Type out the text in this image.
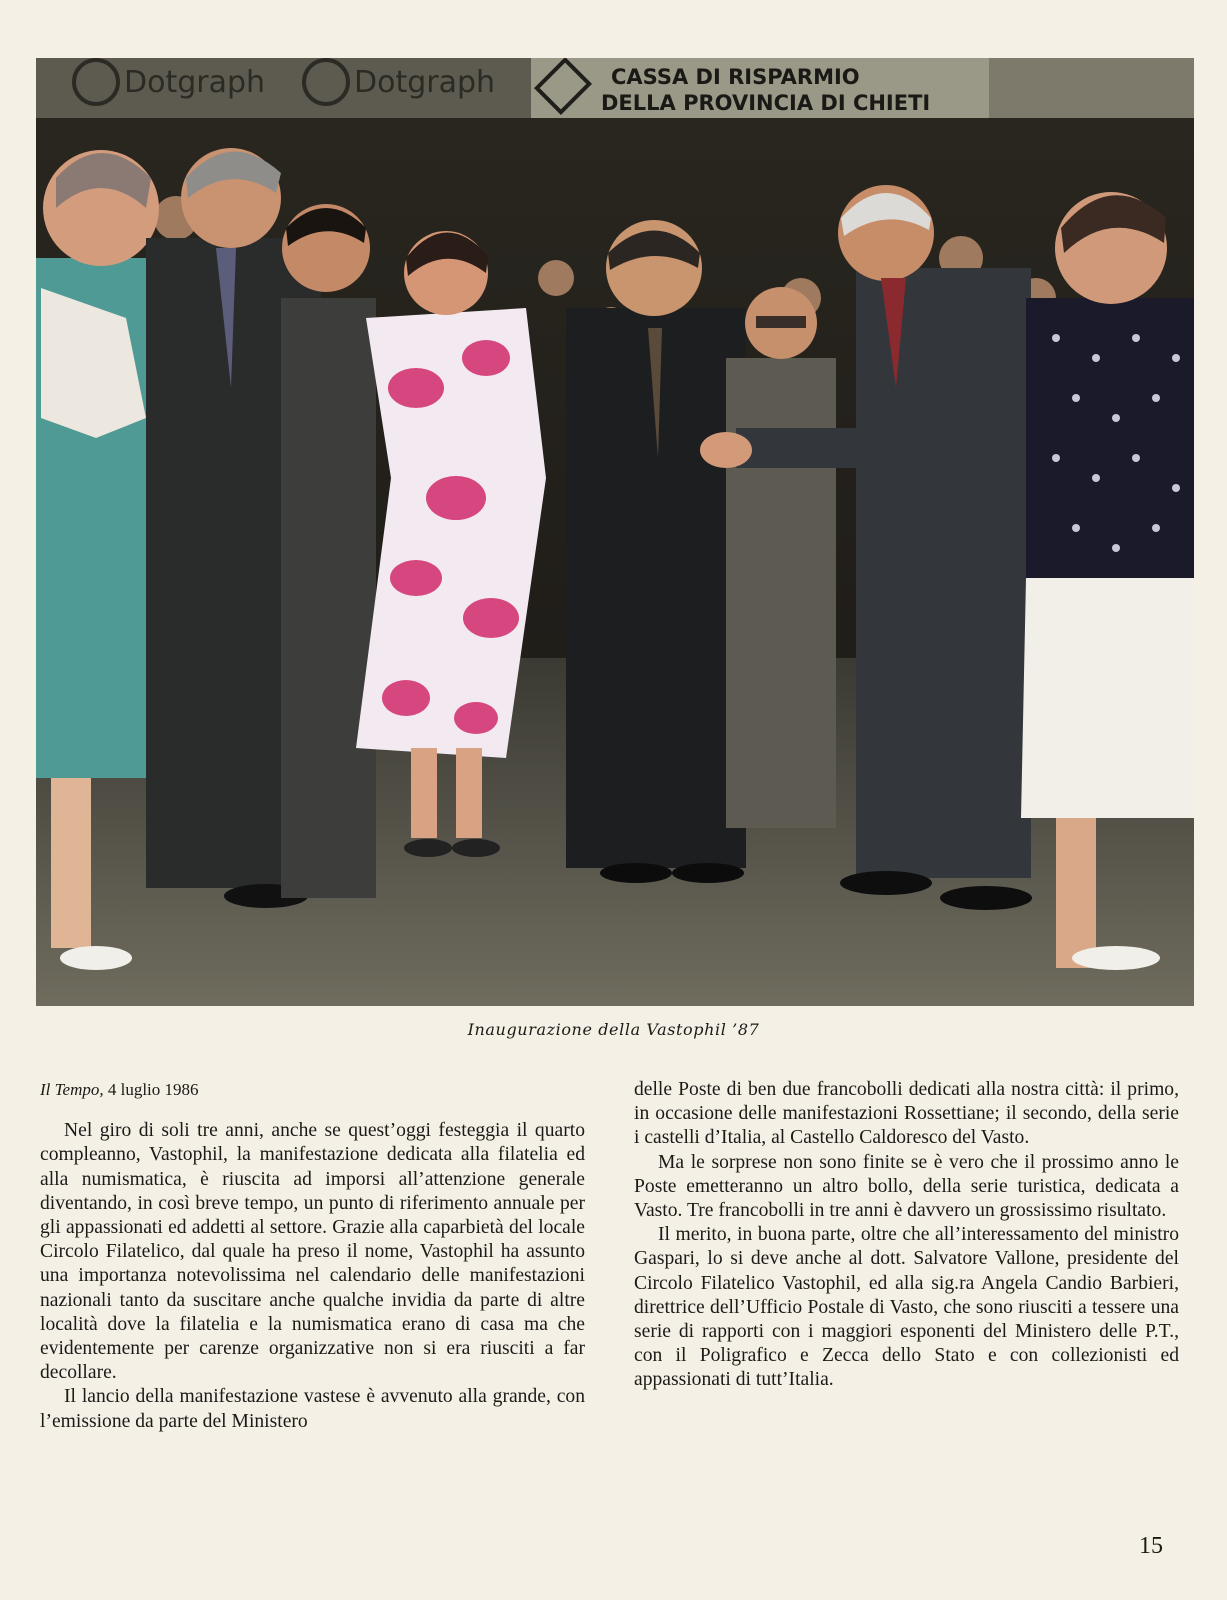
Dotgraph	Dotgraph	CASSA DI RISPARMIO
DELLA PROVINCIA DI CHIETI
Inaugurazione della Vastophil ’87
Il Tempo, 4 luglio 1986

Nel giro di soli tre anni, anche se quest’oggi festeggia il quarto compleanno, Vastophil, la manifestazione dedicata alla filatelia ed alla numismatica, è riuscita ad imporsi all’attenzione generale diventando, in così breve tempo, un punto di riferimento annuale per gli appassionati ed addetti al settore. Grazie alla caparbietà del locale Circolo Filatelico, dal quale ha preso il nome, Vastophil ha assunto una importanza notevolissima nel calendario delle manifestazioni nazionali tanto da suscitare anche qualche invidia da parte di altre località dove la filatelia e la numismatica erano di casa ma che evidentemente per carenze organizzative non si era riusciti a far decollare.

Il lancio della manifestazione vastese è avvenuto alla grande, con l’emissione da parte del Ministero

delle Poste di ben due francobolli dedicati alla nostra città: il primo, in occasione delle manifestazioni Rossettiane; il secondo, della serie i castelli d’Italia, al Castello Caldoresco del Vasto.

Ma le sorprese non sono finite se è vero che il prossimo anno le Poste emetteranno un altro bollo, della serie turistica, dedicata a Vasto. Tre francobolli in tre anni è davvero un grossissimo risultato.

Il merito, in buona parte, oltre che all’interessamento del ministro Gaspari, lo si deve anche al dott. Salvatore Vallone, presidente del Circolo Filatelico Vastophil, ed alla sig.ra Angela Candio Barbieri, direttrice dell’Ufficio Postale di Vasto, che sono riusciti a tessere una serie di rapporti con i maggiori esponenti del Ministero delle P.T., con il Poligrafico e Zecca dello Stato e con collezionisti ed appassionati di tutt’Italia.

15
